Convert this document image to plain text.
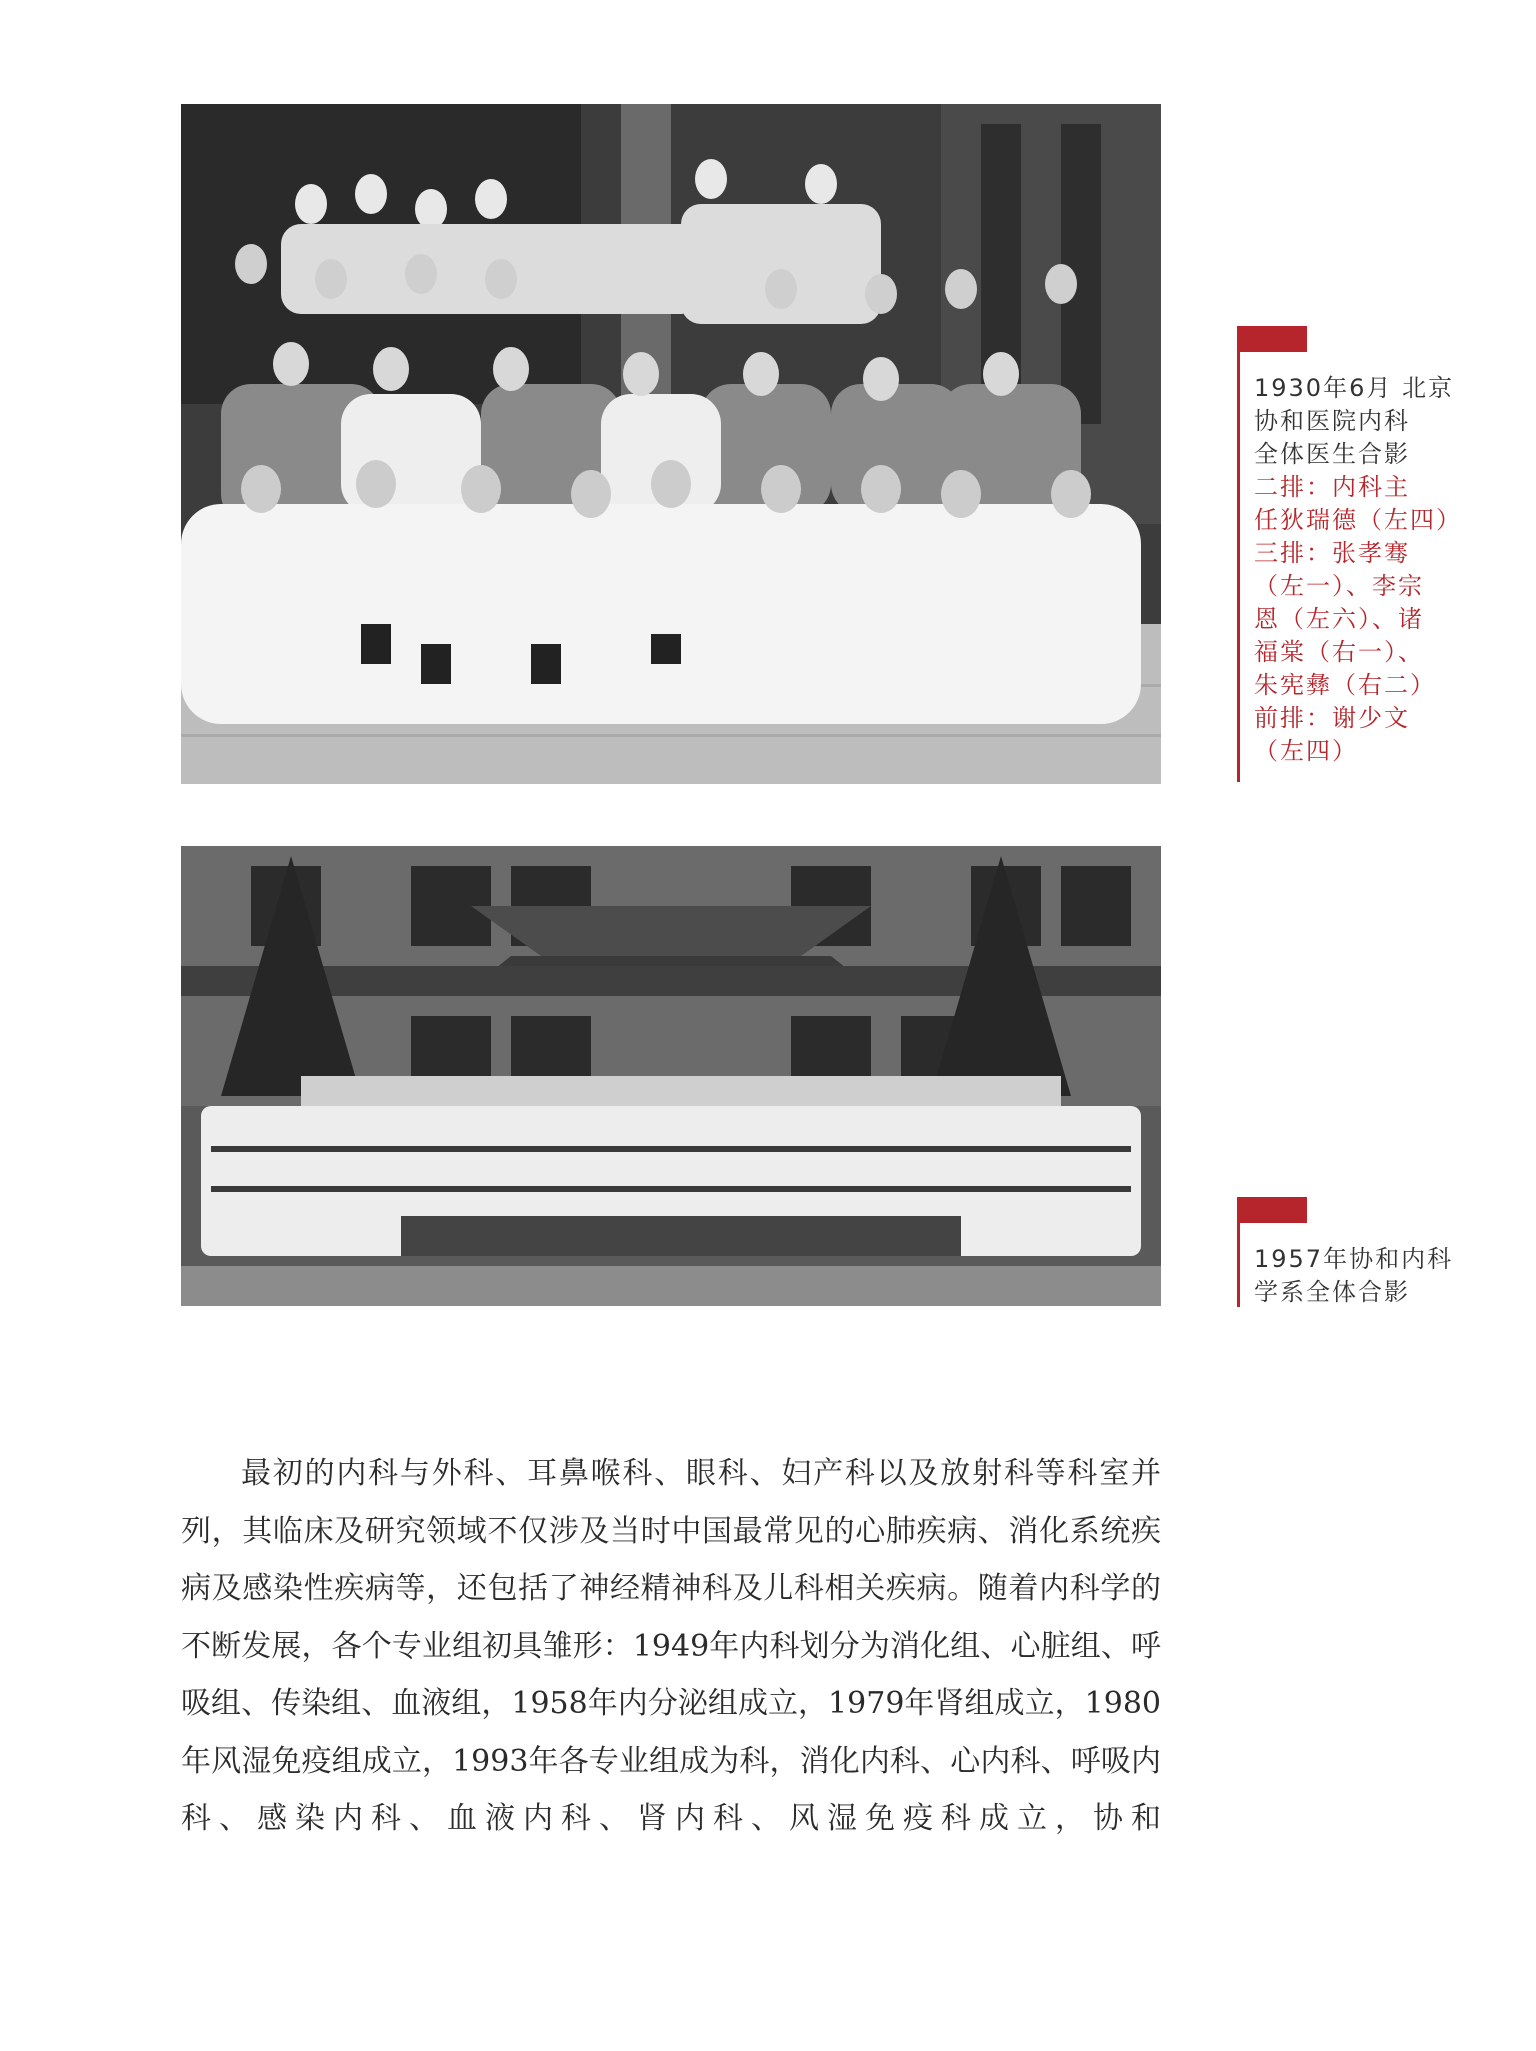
1930年6月 北京
协和医院内科
全体医生合影
二排：内科主
任狄瑞德（左四）
三排：张孝骞
（左一）、李宗
恩（左六）、诸
福棠（右一）、
朱宪彝（右二）
前排：谢少文
（左四）
1957年协和内科
学系全体合影

最初的内科与外科、耳鼻喉科、眼科、妇产科以及放射科等科室并列，其临床及研究领域不仅涉及当时中国最常见的心肺疾病、消化系统疾病及感染性疾病等，还包括了神经精神科及儿科相关疾病。随着内科学的不断发展，各个专业组初具雏形：1949年内科划分为消化组、心脏组、呼吸组、传染组、血液组，1958年内分泌组成立，1979年肾组成立，1980年风湿免疫组成立，1993年各专业组成为科，消化内科、心内科、呼吸内科、感染内科、血液内科、肾内科、风湿免疫科成立，协和
